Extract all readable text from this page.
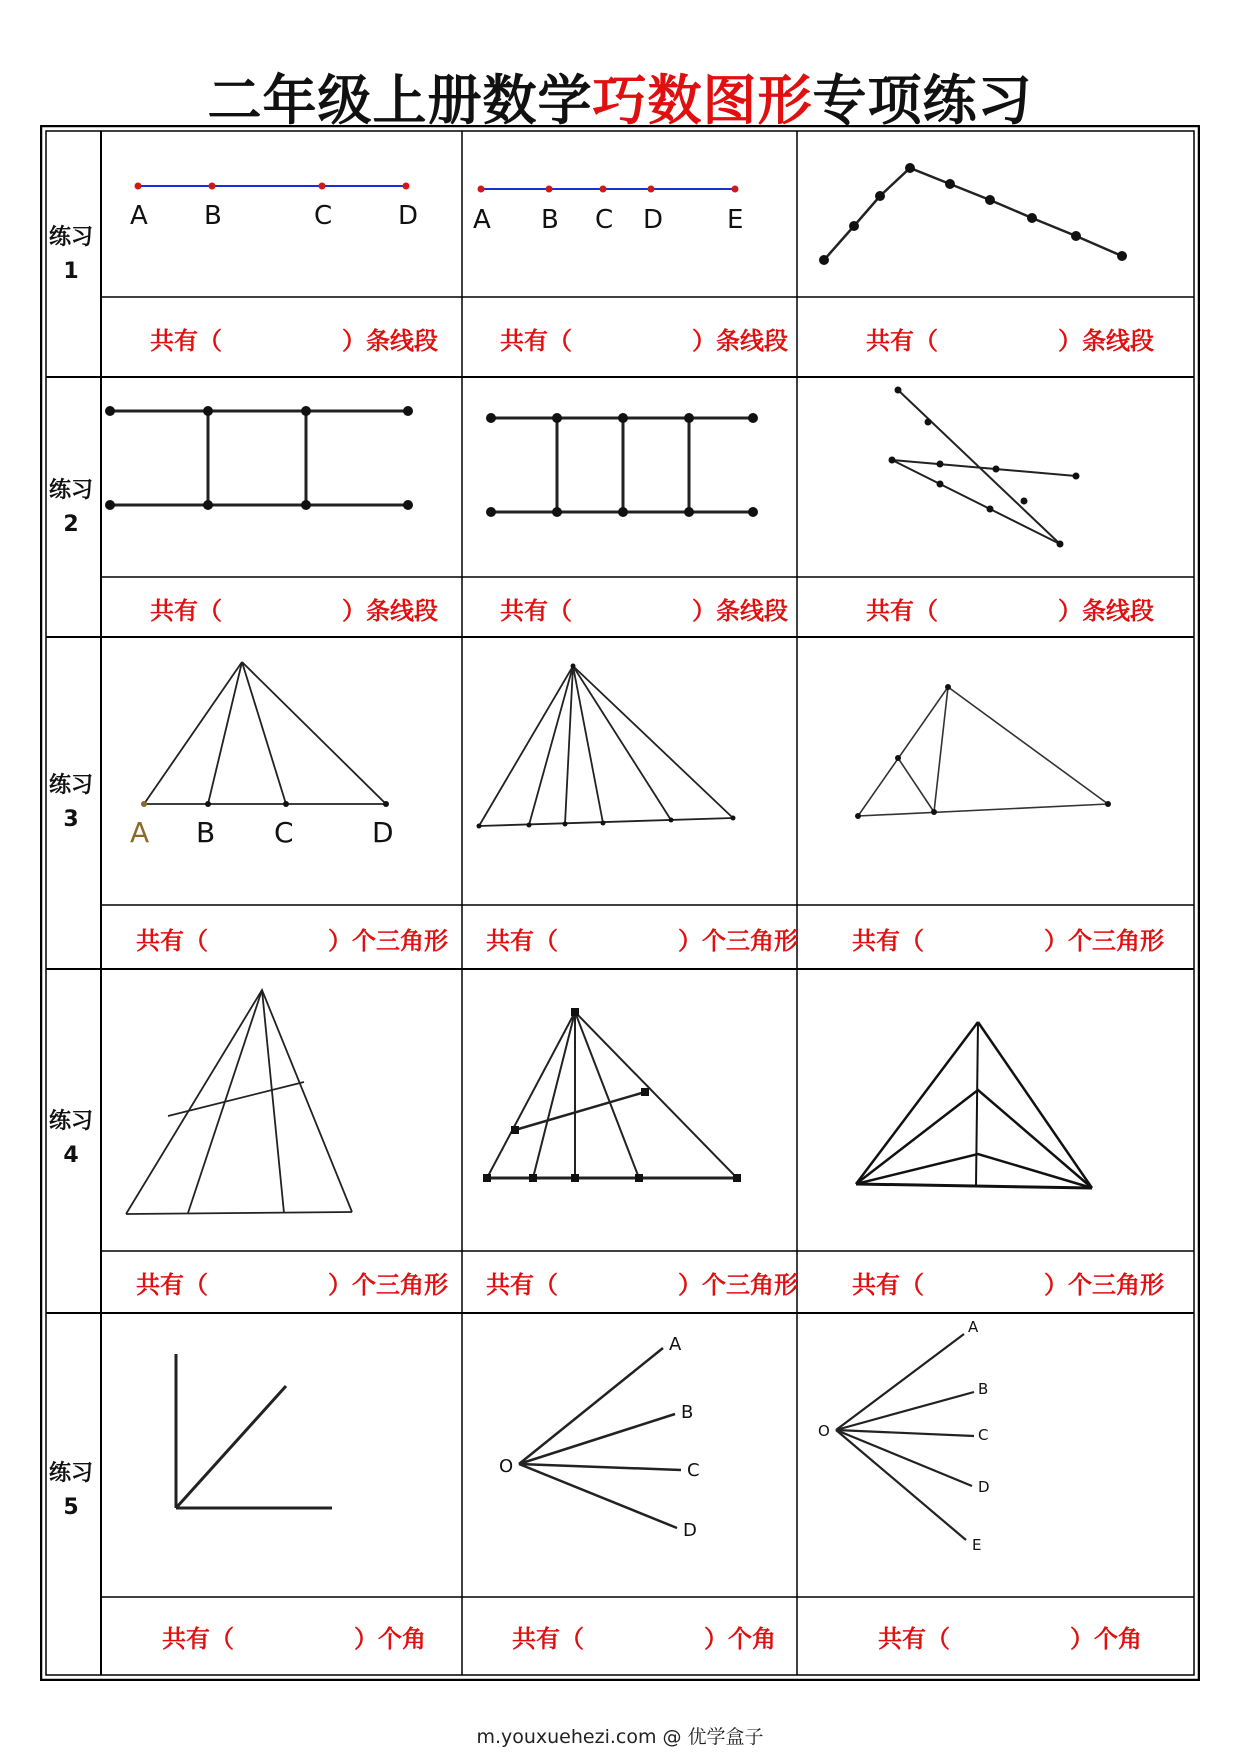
二年级上册数学巧数图形专项练习
练习
1
练习
2
练习
3
练习
4
练习
5
共有（　　　　　）条线段	共有（　　　　　）条线段	共有（　　　　　）条线段
共有（　　　　　）条线段	共有（　　　　　）条线段	共有（　　　　　）条线段
共有（　　　　　）个三角形 共有（　　　　　）个三角形 共有（　　　　　）个三角形
共有（　　　　　）个三角形 共有（　　　　　）个三角形 共有（　　　　　）个三角形
共有（　　　　　）个角	共有（　　　　　）个角	共有（　　　　　）个角
A B	C	D A B C D E
A B C	D
O
A
B
C
D
O
A
B
C
D
E
m.youxuehezi.com @ 优学盒子
